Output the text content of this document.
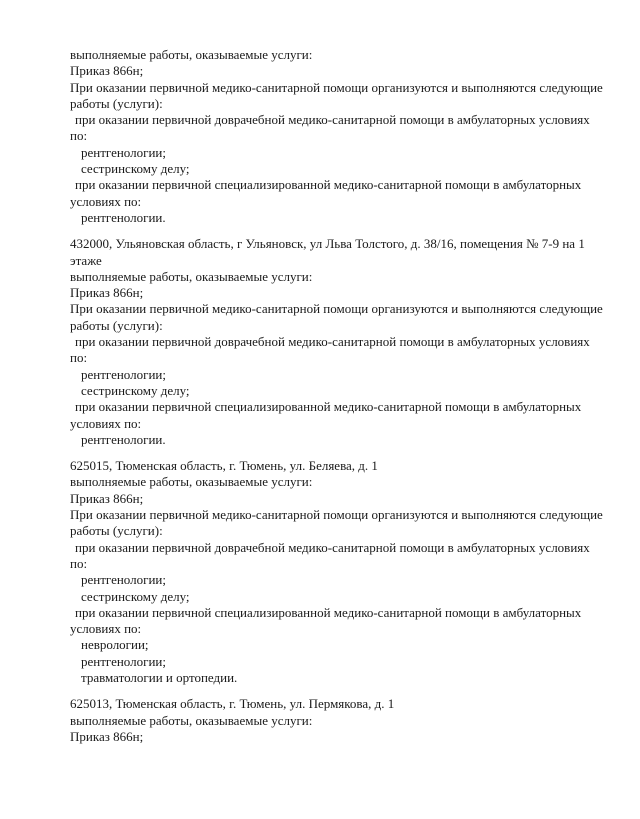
выполняемые работы, оказываемые услуги:
Приказ 866н;
При оказании первичной медико-санитарной помощи организуются и выполняются следующие
работы (услуги):
при оказании первичной доврачебной медико-санитарной помощи в амбулаторных условиях
по:
рентгенологии;
сестринскому делу;
при оказании первичной специализированной медико-санитарной помощи в амбулаторных
условиях по:
рентгенологии.
432000, Ульяновская область, г Ульяновск, ул Льва Толстого, д. 38/16, помещения № 7-9 на 1
этаже
выполняемые работы, оказываемые услуги:
Приказ 866н;
При оказании первичной медико-санитарной помощи организуются и выполняются следующие
работы (услуги):
при оказании первичной доврачебной медико-санитарной помощи в амбулаторных условиях
по:
рентгенологии;
сестринскому делу;
при оказании первичной специализированной медико-санитарной помощи в амбулаторных
условиях по:
рентгенологии.
625015, Тюменская область, г. Тюмень, ул. Беляева, д. 1
выполняемые работы, оказываемые услуги:
Приказ 866н;
При оказании первичной медико-санитарной помощи организуются и выполняются следующие
работы (услуги):
при оказании первичной доврачебной медико-санитарной помощи в амбулаторных условиях
по:
рентгенологии;
сестринскому делу;
при оказании первичной специализированной медико-санитарной помощи в амбулаторных
условиях по:
неврологии;
рентгенологии;
травматологии и ортопедии.
625013, Тюменская область, г. Тюмень, ул. Пермякова, д. 1
выполняемые работы, оказываемые услуги:
Приказ 866н;
